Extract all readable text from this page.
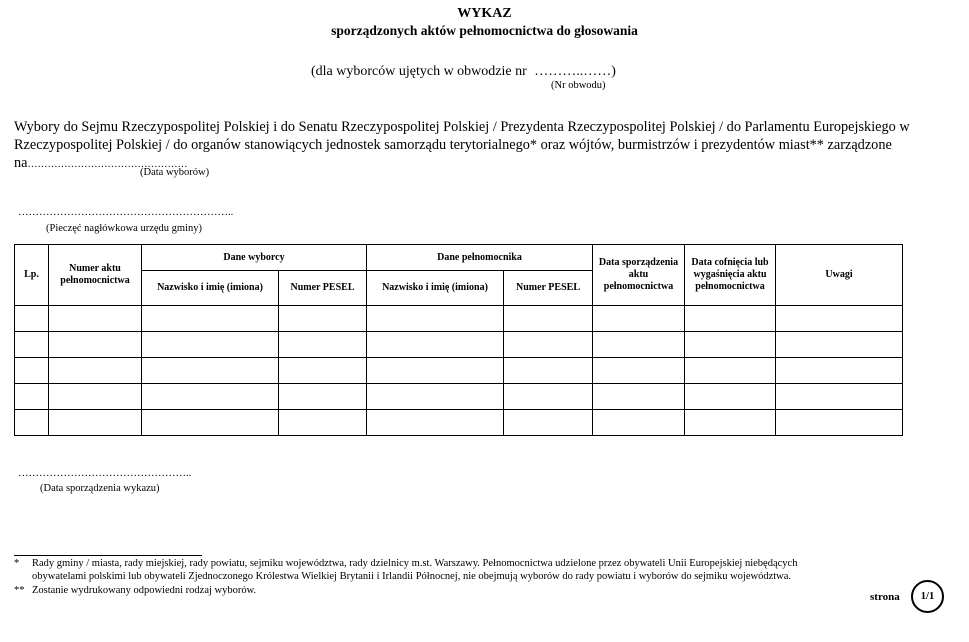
WYKAZ
sporządzonych aktów pełnomocnictwa do głosowania
(dla wyborców ujętych w obwodzie nr ………..……)
(Nr obwodu)
Wybory do Sejmu Rzeczypospolitej Polskiej i do Senatu Rzeczypospolitej Polskiej / Prezydenta Rzeczypospolitej Polskiej / do Parlamentu Europejskiego w Rzeczypospolitej Polskiej / do organów stanowiących jednostek samorządu terytorialnego* oraz wójtów, burmistrzów i prezydentów miast** zarządzone na…………………………………………
(Data wyborów)
……………………………………………………..
(Pieczęć nagłówkowa urzędu gminy)
Lp.	Numer aktu pełnomocnictwa	Dane wyborcy		Dane pełnomocnika		Data sporządzenia aktu pełnomocnictwa	Data cofnięcia lub wygaśnięcia aktu pełnomocnictwa	Uwagi
		Nazwisko i imię (imiona)	Numer PESEL	Nazwisko i imię (imiona)	Numer PESEL			

…………………………………………..
(Data sporządzenia wykazu)
* Rady gminy / miasta, rady miejskiej, rady powiatu, sejmiku województwa, rady dzielnicy m.st. Warszawy. Pełnomocnictwa udzielone przez obywateli Unii Europejskiej niebędących
obywatelami polskimi lub obywateli Zjednoczonego Królestwa Wielkiej Brytanii i Irlandii Północnej, nie obejmują wyborów do rady powiatu i wyborów do sejmiku województwa.
** Zostanie wydrukowany odpowiedni rodzaj wyborów.
strona	1/1
